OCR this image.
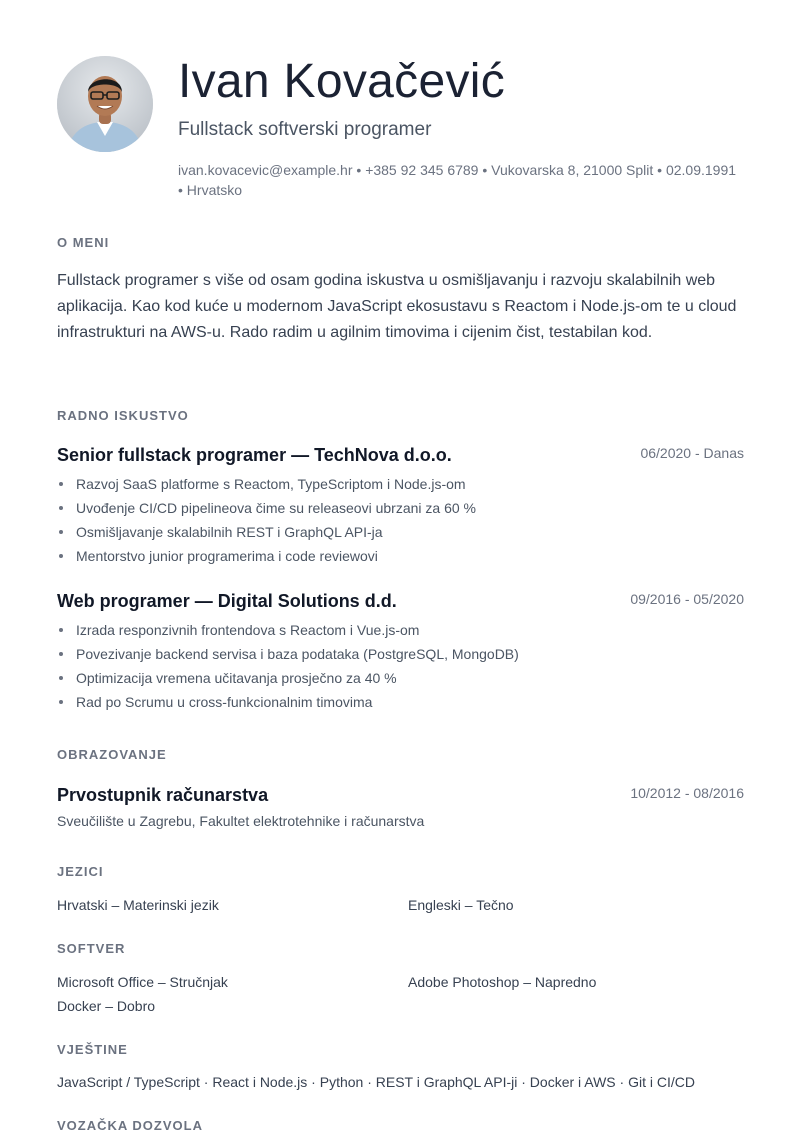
Ivan Kovačević
Fullstack softverski programer
ivan.kovacevic@example.hr • +385 92 345 6789 • Vukovarska 8, 21000 Split • 02.09.1991 • Hrvatsko
O MENI

Fullstack programer s više od osam godina iskustva u osmišljavanju i razvoju skalabilnih web aplikacija. Kao kod kuće u modernom JavaScript ekosustavu s Reactom i Node.js-om te u cloud infrastrukturi na AWS-u. Rado radim u agilnim timovima i cijenim čist, testabilan kod.

RADNO ISKUSTVO
Senior fullstack programer — TechNova d.o.o.	06/2020 - Danas
Razvoj SaaS platforme s Reactom, TypeScriptom i Node.js-om
Uvođenje CI/CD pipelineova čime su releaseovi ubrzani za 60 %
Osmišljavanje skalabilnih REST i GraphQL API-ja
Mentorstvo junior programerima i code reviewovi
Web programer — Digital Solutions d.d.	09/2016 - 05/2020
Izrada responzivnih frontendova s Reactom i Vue.js-om
Povezivanje backend servisa i baza podataka (PostgreSQL, MongoDB)
Optimizacija vremena učitavanja prosječno za 40 %
Rad po Scrumu u cross-funkcionalnim timovima
OBRAZOVANJE
Prvostupnik računarstva	10/2012 - 08/2016
Sveučilište u Zagrebu, Fakultet elektrotehnike i računarstva
JEZICI
Hrvatski – Materinski jezik	Engleski – Tečno
SOFTVER
Microsoft Office – Stručnjak	Adobe Photoshop – Napredno
Docker – Dobro
VJEŠTINE
JavaScript / TypeScript · React i Node.js · Python · REST i GraphQL API-ji · Docker i AWS · Git i CI/CD
VOZAČKA DOZVOLA
